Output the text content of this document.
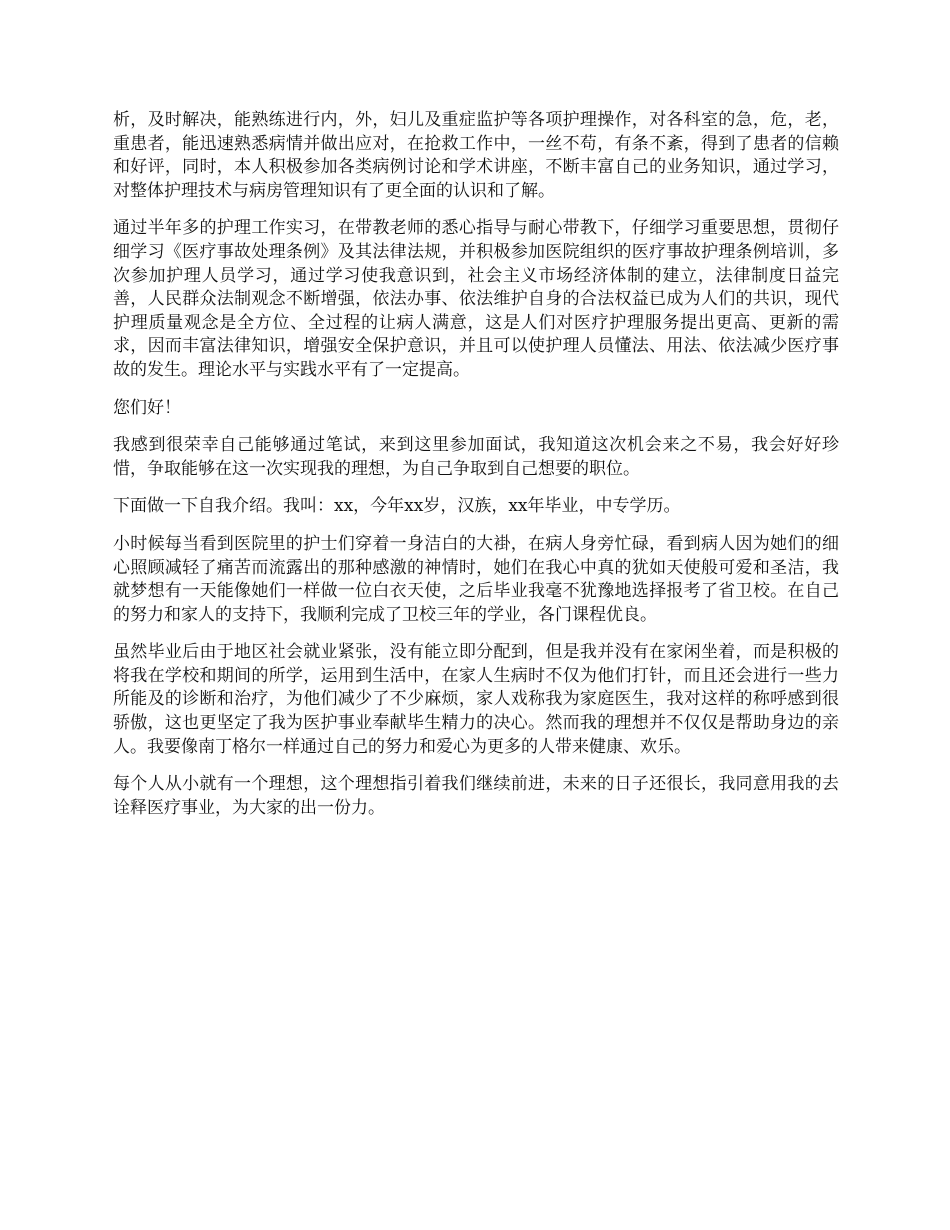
析，及时解决，能熟练进行内，外，妇儿及重症监护等各项护理操作，对各科室的急，危，老，重患者，能迅速熟悉病情并做出应对，在抢救工作中，一丝不苟，有条不紊，得到了患者的信赖和好评，同时，本人积极参加各类病例讨论和学术讲座，不断丰富自己的业务知识，通过学习，对整体护理技术与病房管理知识有了更全面的认识和了解。

通过半年多的护理工作实习，在带教老师的悉心指导与耐心带教下，仔细学习重要思想，贯彻仔细学习《医疗事故处理条例》及其法律法规，并积极参加医院组织的医疗事故护理条例培训，多次参加护理人员学习，通过学习使我意识到，社会主义市场经济体制的建立，法律制度日益完善，人民群众法制观念不断增强，依法办事、依法维护自身的合法权益已成为人们的共识，现代护理质量观念是全方位、全过程的让病人满意，这是人们对医疗护理服务提出更高、更新的需求，因而丰富法律知识，增强安全保护意识，并且可以使护理人员懂法、用法、依法减少医疗事故的发生。理论水平与实践水平有了一定提高。

您们好！

我感到很荣幸自己能够通过笔试，来到这里参加面试，我知道这次机会来之不易，我会好好珍惜，争取能够在这一次实现我的理想，为自己争取到自己想要的职位。

下面做一下自我介绍。我叫：xx，今年xx岁，汉族，xx年毕业，中专学历。

小时候每当看到医院里的护士们穿着一身洁白的大褂，在病人身旁忙碌，看到病人因为她们的细心照顾减轻了痛苦而流露出的那种感激的神情时，她们在我心中真的犹如天使般可爱和圣洁，我就梦想有一天能像她们一样做一位白衣天使，之后毕业我毫不犹豫地选择报考了省卫校。在自己的努力和家人的支持下，我顺利完成了卫校三年的学业，各门课程优良。

虽然毕业后由于地区社会就业紧张，没有能立即分配到，但是我并没有在家闲坐着，而是积极的将我在学校和期间的所学，运用到生活中，在家人生病时不仅为他们打针，而且还会进行一些力所能及的诊断和治疗，为他们减少了不少麻烦，家人戏称我为家庭医生，我对这样的称呼感到很骄傲，这也更坚定了我为医护事业奉献毕生精力的决心。然而我的理想并不仅仅是帮助身边的亲人。我要像南丁格尔一样通过自己的努力和爱心为更多的人带来健康、欢乐。

每个人从小就有一个理想，这个理想指引着我们继续前进，未来的日子还很长，我同意用我的去诠释医疗事业，为大家的出一份力。
